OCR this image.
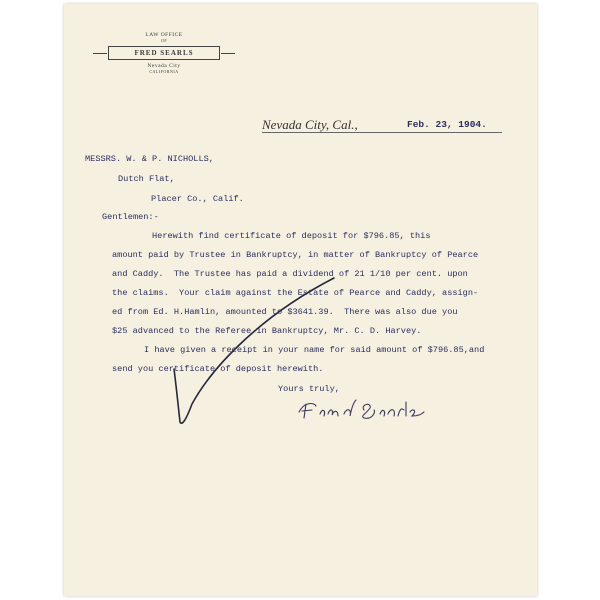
LAW OFFICE
OF
FRED SEARLS
Nevada City
CALIFORNIA
Nevada City, Cal.,	Feb. 23, 1904.
MESSRS. W. & P. NICHOLLS,
Dutch Flat,
Placer Co., Calif.
Gentlemen:-
Herewith find certificate of deposit for $796.85, this
amount paid by Trustee in Bankruptcy, in matter of Bankruptcy of Pearce
and Caddy.  The Trustee has paid a dividend of 21 1/10 per cent. upon
the claims.  Your claim against the Estate of Pearce and Caddy, assign-
ed from Ed. H.Hamlin, amounted to $3641.39.  There was also due you
$25 advanced to the Referee in Bankruptcy, Mr. C. D. Harvey.
I have given a receipt in your name for said amount of $796.85,and
send you certificate of deposit herewith.
Yours truly,
